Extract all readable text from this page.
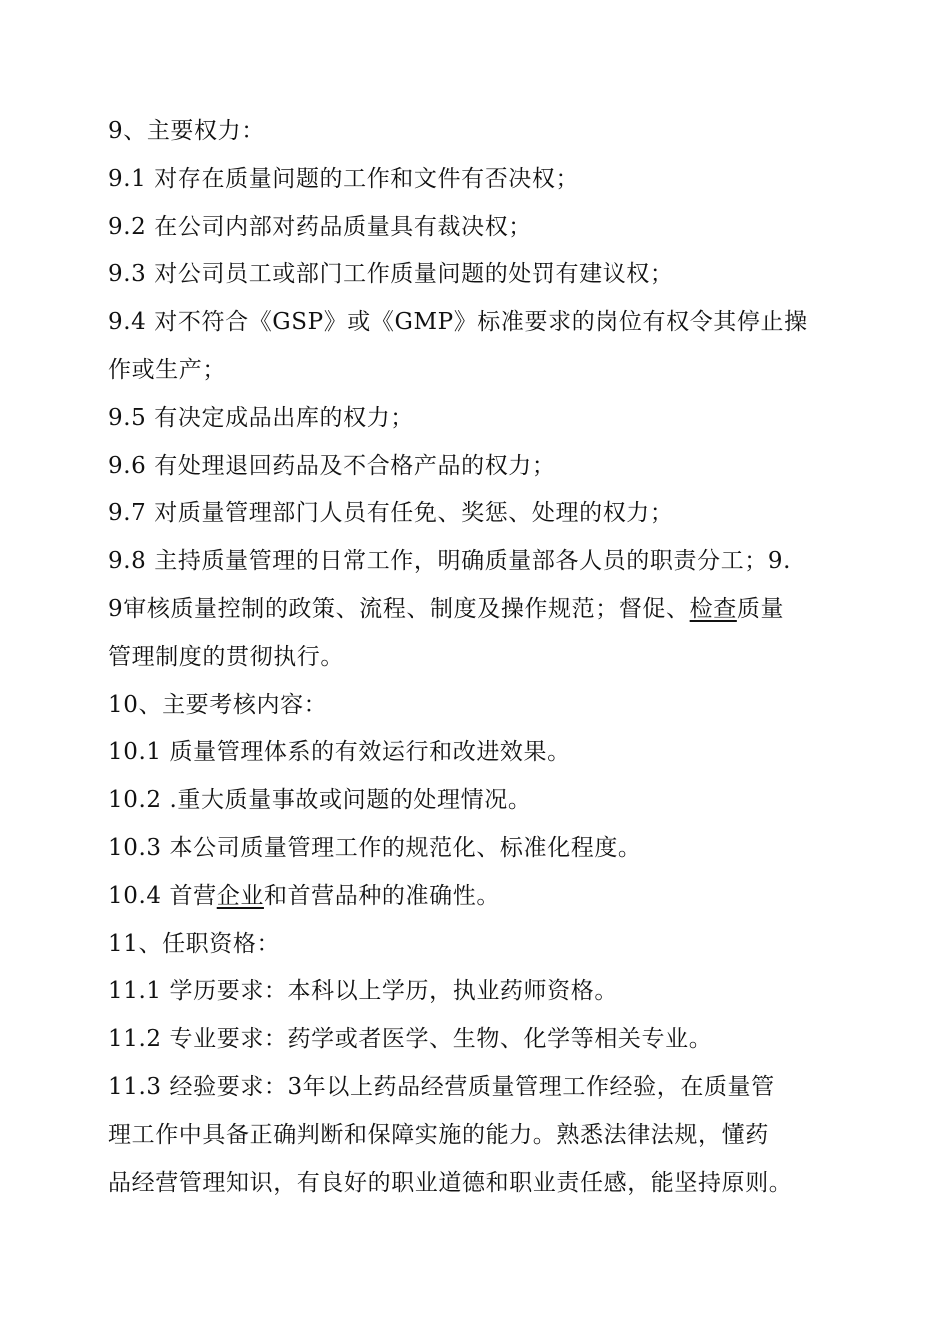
9、主要权力：
9.1 对存在质量问题的工作和文件有否决权；
9.2 在公司内部对药品质量具有裁决权；
9.3 对公司员工或部门工作质量问题的处罚有建议权；
9.4 对不符合《GSP》或《GMP》标准要求的岗位有权令其停止操
作或生产；
9.5 有决定成品出库的权力；
9.6 有处理退回药品及不合格产品的权力；
9.7 对质量管理部门人员有任免、奖惩、处理的权力；
9.8 主持质量管理的日常工作，明确质量部各人员的职责分工；9.
9审核质量控制的政策、流程、制度及操作规范；督促、检查质量
管理制度的贯彻执行。
10、主要考核内容：
10.1 质量管理体系的有效运行和改进效果。
10.2 .重大质量事故或问题的处理情况。
10.3 本公司质量管理工作的规范化、标准化程度。
10.4 首营企业和首营品种的准确性。
11、任职资格：
11.1 学历要求：本科以上学历，执业药师资格。
11.2 专业要求：药学或者医学、生物、化学等相关专业。
11.3 经验要求：3年以上药品经营质量管理工作经验，在质量管
理工作中具备正确判断和保障实施的能力。熟悉法律法规，懂药
品经营管理知识，有良好的职业道德和职业责任感，能坚持原则。
